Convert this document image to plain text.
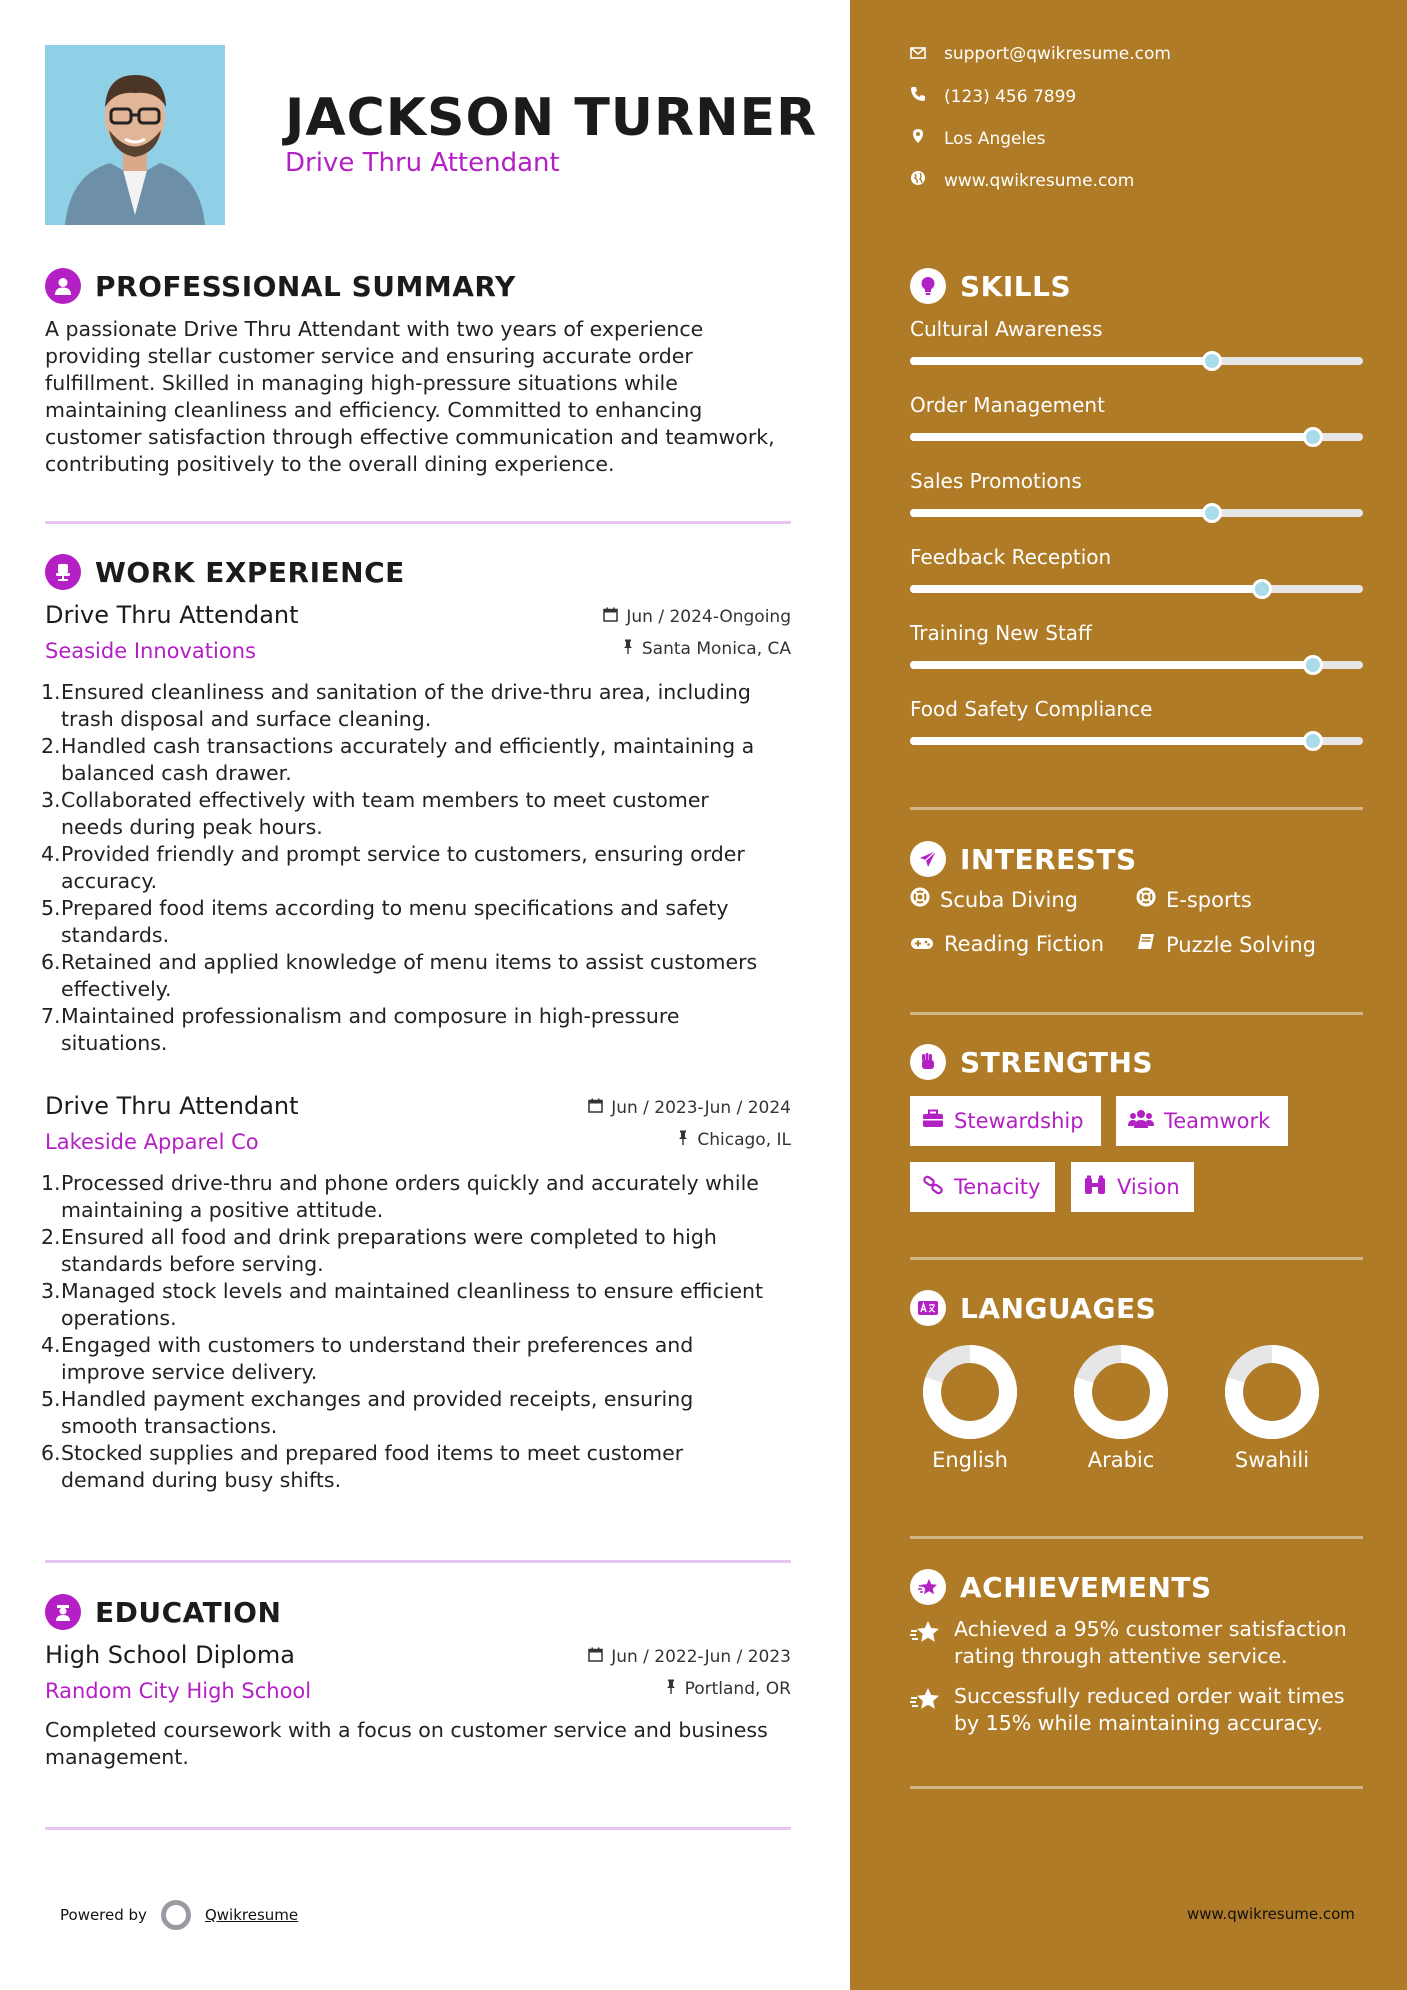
JACKSON TURNER
Drive Thru Attendant
PROFESSIONAL SUMMARY
A passionate Drive Thru Attendant with two years of experience providing stellar customer service and ensuring accurate order fulfillment. Skilled in managing high-pressure situations while maintaining cleanliness and efficiency. Committed to enhancing customer satisfaction through effective communication and teamwork, contributing positively to the overall dining experience.
WORK EXPERIENCE
Drive Thru Attendant
Seaside Innovations
Jun / 2024-Ongoing
Santa Monica, CA
1. Ensured cleanliness and sanitation of the drive-thru area, including
trash disposal and surface cleaning.
2. Handled cash transactions accurately and efficiently, maintaining a
balanced cash drawer.
3. Collaborated effectively with team members to meet customer
needs during peak hours.
4. Provided friendly and prompt service to customers, ensuring order
accuracy.
5. Prepared food items according to menu specifications and safety
standards.
6. Retained and applied knowledge of menu items to assist customers
effectively.
7. Maintained professionalism and composure in high-pressure
situations.
Drive Thru Attendant
Lakeside Apparel Co
Jun / 2023-Jun / 2024
Chicago, IL
1. Processed drive-thru and phone orders quickly and accurately while
maintaining a positive attitude.
2. Ensured all food and drink preparations were completed to high
standards before serving.
3. Managed stock levels and maintained cleanliness to ensure efficient
operations.
4. Engaged with customers to understand their preferences and
improve service delivery.
5. Handled payment exchanges and provided receipts, ensuring
smooth transactions.
6. Stocked supplies and prepared food items to meet customer
demand during busy shifts.
EDUCATION
High School Diploma
Random City High School
Jun / 2022-Jun / 2023
Portland, OR
Completed coursework with a focus on customer service and business management.
Powered by	Qwikresume
support@qwikresume.com
(123) 456 7899
Los Angeles
www.qwikresume.com
SKILLS
Cultural Awareness
Order Management
Sales Promotions
Feedback Reception
Training New Staff
Food Safety Compliance
INTERESTS
Scuba Diving	E-sports
Reading Fiction	Puzzle Solving
STRENGTHS
Stewardship	Teamwork
Tenacity	Vision
LANGUAGES
English	Arabic	Swahili
ACHIEVEMENTS
Achieved a 95% customer satisfaction
rating through attentive service.
Successfully reduced order wait times
by 15% while maintaining accuracy.
www.qwikresume.com
